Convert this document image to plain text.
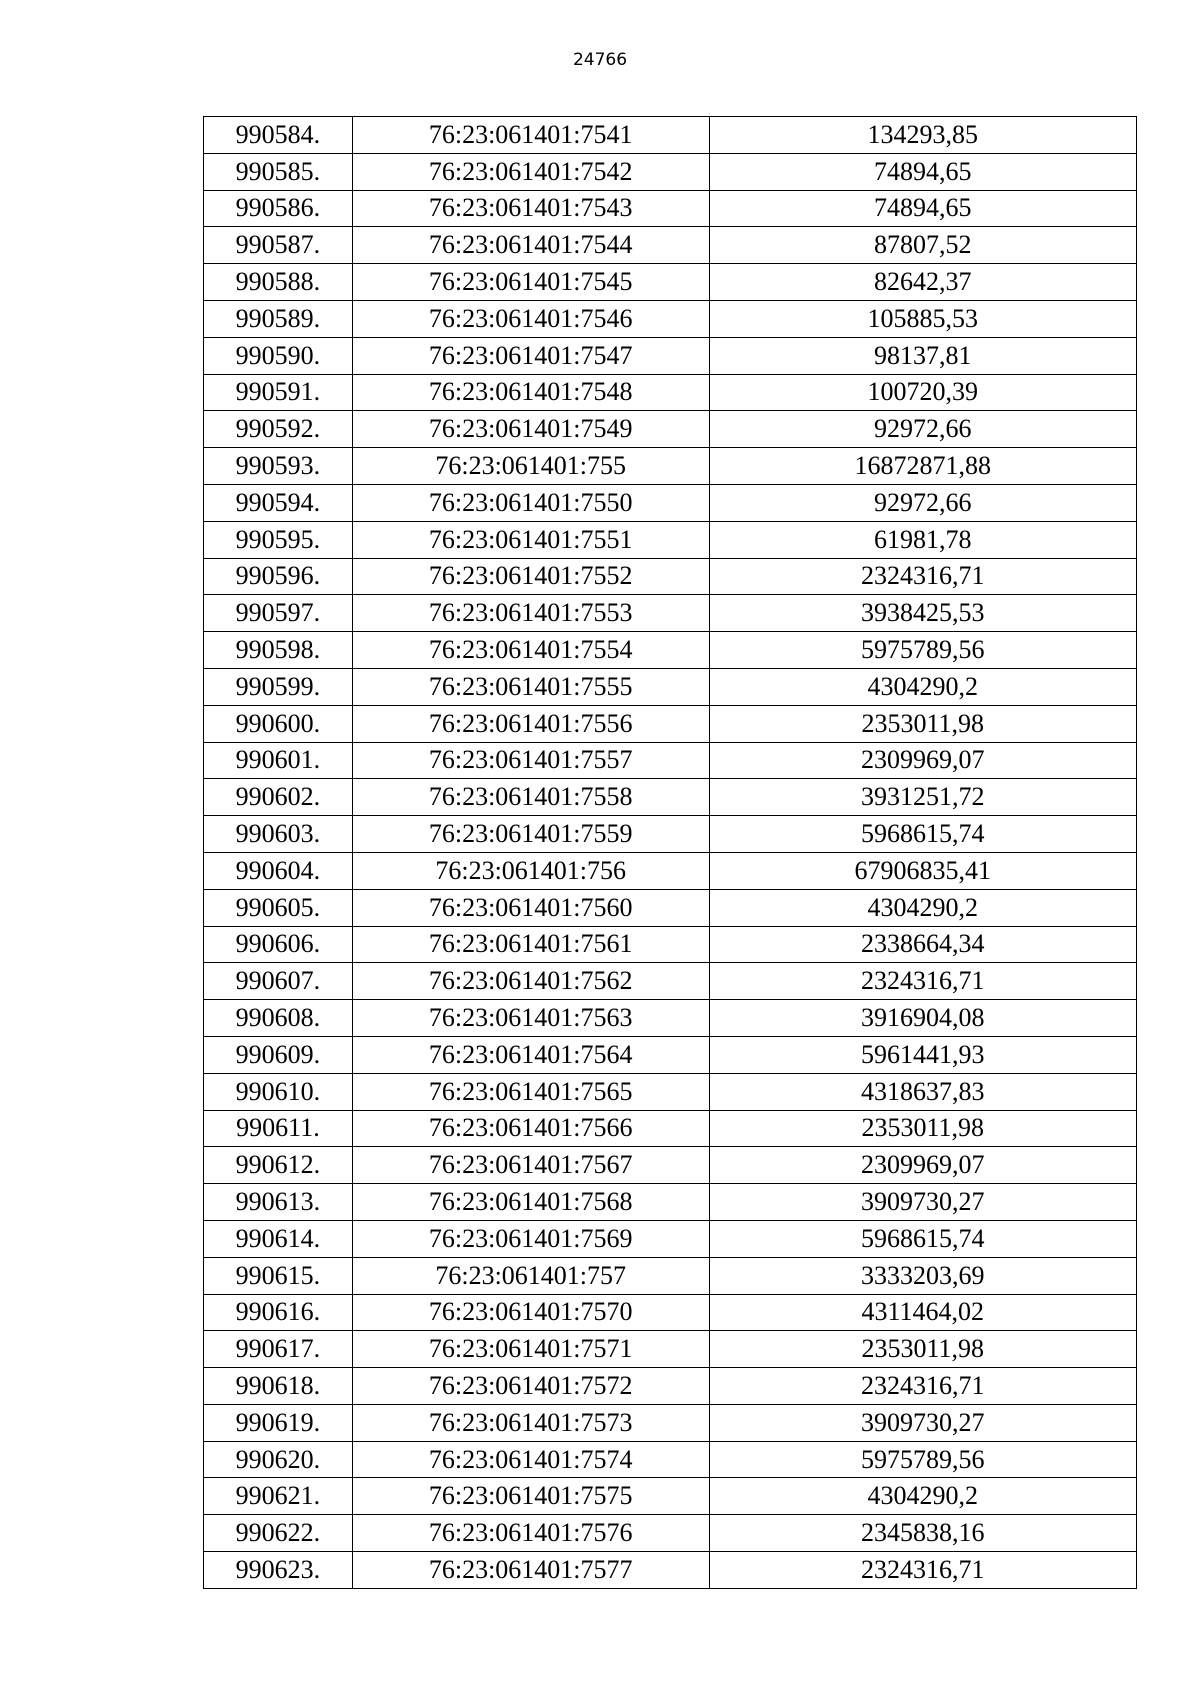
24766
990584.	76:23:061401:7541	134293,85
990585.	76:23:061401:7542	74894,65
990586.	76:23:061401:7543	74894,65
990587.	76:23:061401:7544	87807,52
990588.	76:23:061401:7545	82642,37
990589.	76:23:061401:7546	105885,53
990590.	76:23:061401:7547	98137,81
990591.	76:23:061401:7548	100720,39
990592.	76:23:061401:7549	92972,66
990593.	76:23:061401:755	16872871,88
990594.	76:23:061401:7550	92972,66
990595.	76:23:061401:7551	61981,78
990596.	76:23:061401:7552	2324316,71
990597.	76:23:061401:7553	3938425,53
990598.	76:23:061401:7554	5975789,56
990599.	76:23:061401:7555	4304290,2
990600.	76:23:061401:7556	2353011,98
990601.	76:23:061401:7557	2309969,07
990602.	76:23:061401:7558	3931251,72
990603.	76:23:061401:7559	5968615,74
990604.	76:23:061401:756	67906835,41
990605.	76:23:061401:7560	4304290,2
990606.	76:23:061401:7561	2338664,34
990607.	76:23:061401:7562	2324316,71
990608.	76:23:061401:7563	3916904,08
990609.	76:23:061401:7564	5961441,93
990610.	76:23:061401:7565	4318637,83
990611.	76:23:061401:7566	2353011,98
990612.	76:23:061401:7567	2309969,07
990613.	76:23:061401:7568	3909730,27
990614.	76:23:061401:7569	5968615,74
990615.	76:23:061401:757	3333203,69
990616.	76:23:061401:7570	4311464,02
990617.	76:23:061401:7571	2353011,98
990618.	76:23:061401:7572	2324316,71
990619.	76:23:061401:7573	3909730,27
990620.	76:23:061401:7574	5975789,56
990621.	76:23:061401:7575	4304290,2
990622.	76:23:061401:7576	2345838,16
990623.	76:23:061401:7577	2324316,71
